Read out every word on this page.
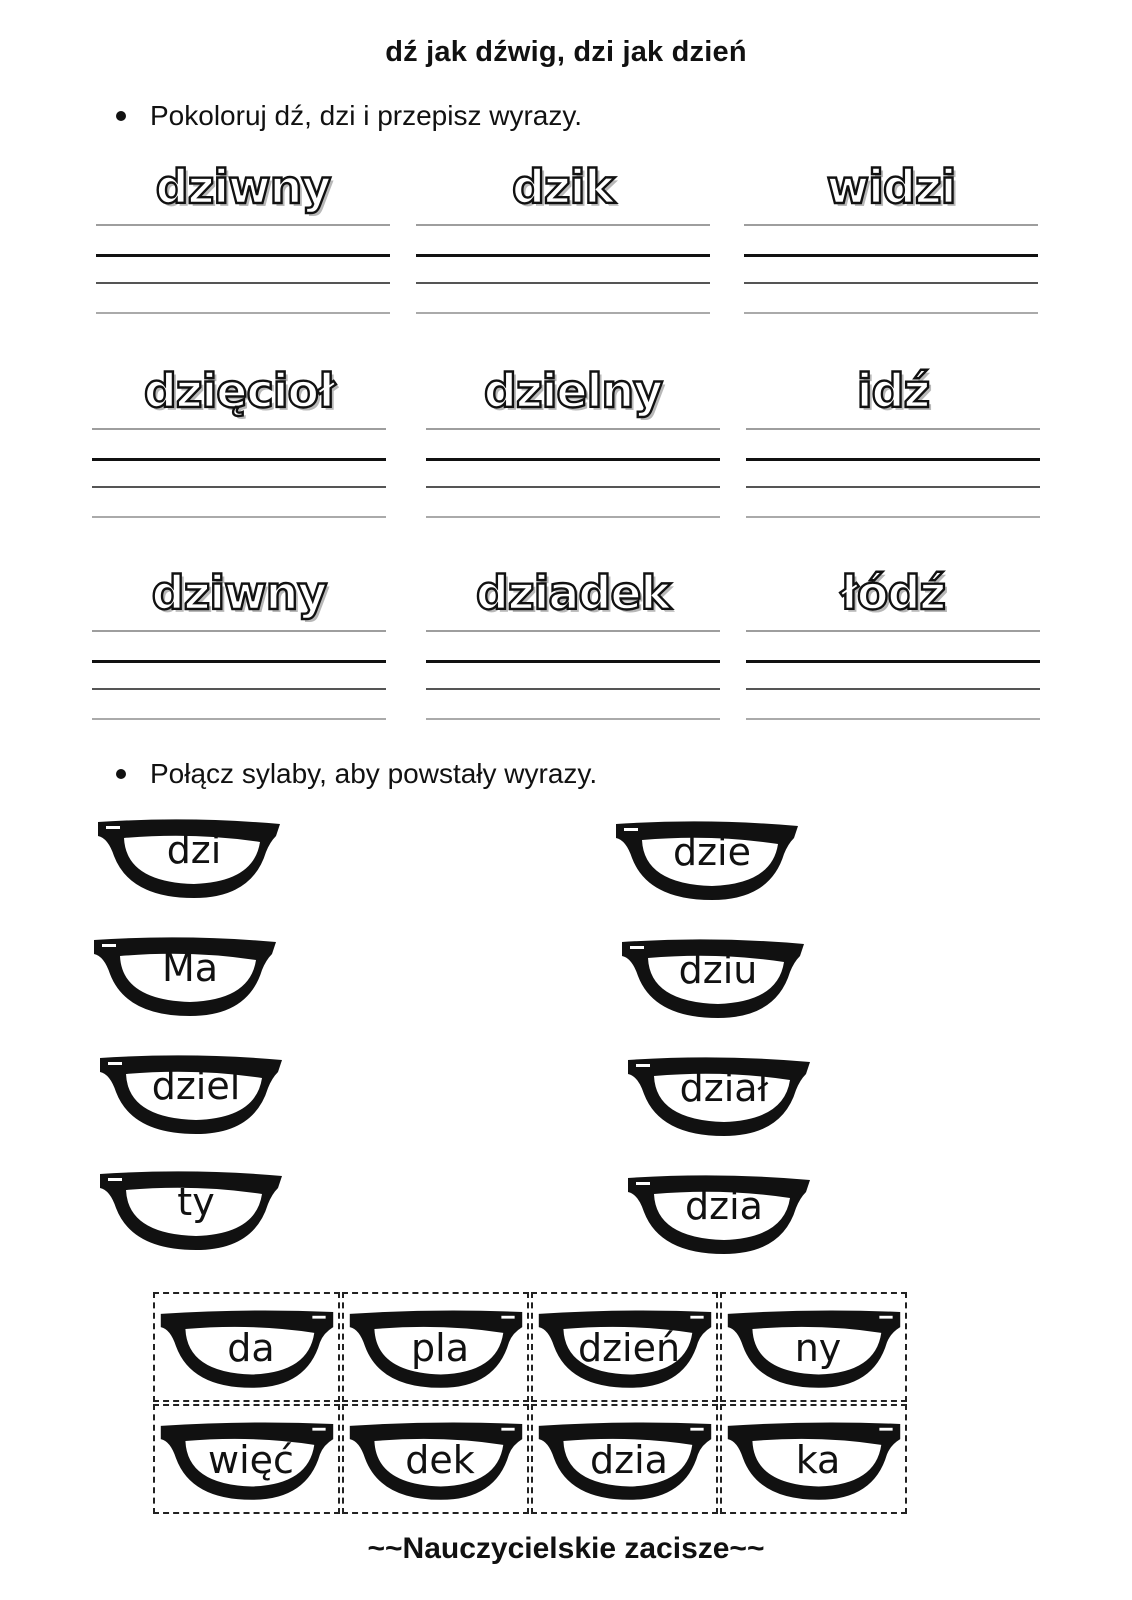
dź jak dźwig, dzi jak dzień
Pokoloruj dź, dzi i przepisz wyrazy.
dziwny	dzik	widzi
dzięcioł	dzielny	idź
dziwny	dziadek	łódź
Połącz sylaby, aby powstały wyrazy.
dzi
Ma
dziel
ty
dzie
dziu
dział
dzia
da	pla	dzień	ny
więć	dek	dzia	ka
~~Nauczycielskie zacisze~~
